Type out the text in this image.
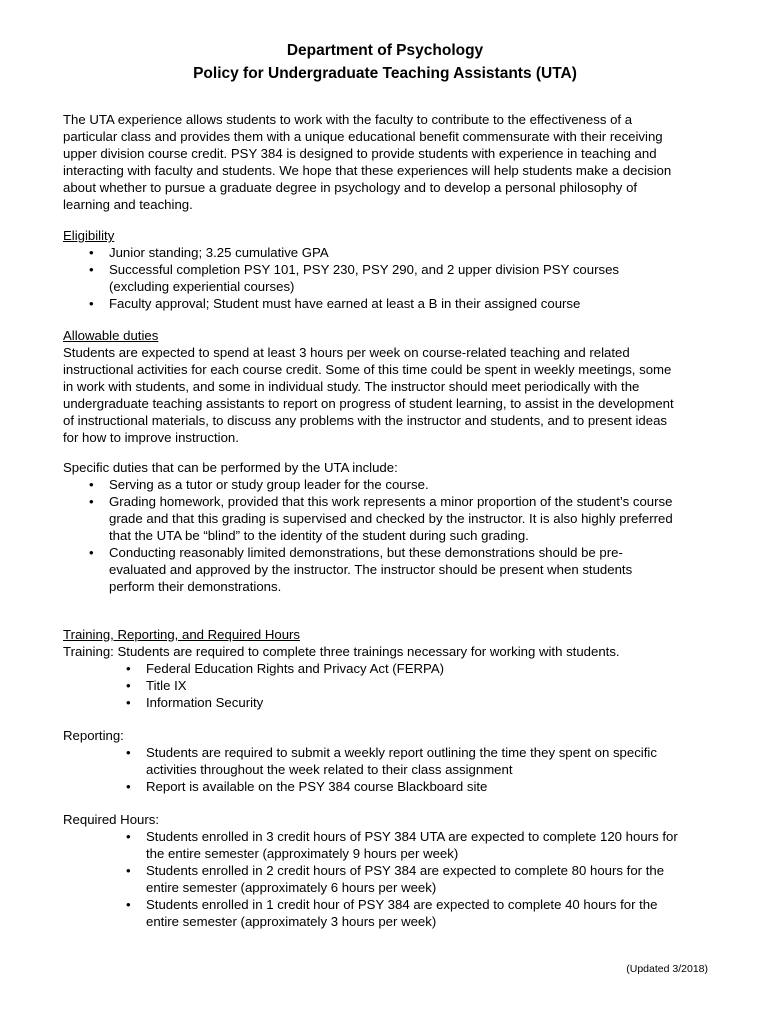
Department of Psychology
Policy for Undergraduate Teaching Assistants (UTA)
The UTA experience allows students to work with the faculty to contribute to the effectiveness of a
particular class and provides them with a unique educational benefit commensurate with their receiving
upper division course credit. PSY 384 is designed to provide students with experience in teaching and
interacting with faculty and students. We hope that these experiences will help students make a decision
about whether to pursue a graduate degree in psychology and to develop a personal philosophy of
learning and teaching.
Eligibility
• Junior standing; 3.25 cumulative GPA
• Successful completion PSY 101, PSY 230, PSY 290, and 2 upper division PSY courses
(excluding experiential courses)
• Faculty approval; Student must have earned at least a B in their assigned course
Allowable duties
Students are expected to spend at least 3 hours per week on course-related teaching and related
instructional activities for each course credit. Some of this time could be spent in weekly meetings, some
in work with students, and some in individual study. The instructor should meet periodically with the
undergraduate teaching assistants to report on progress of student learning, to assist in the development
of instructional materials, to discuss any problems with the instructor and students, and to present ideas
for how to improve instruction.
Specific duties that can be performed by the UTA include:
• Serving as a tutor or study group leader for the course.
• Grading homework, provided that this work represents a minor proportion of the student’s course
grade and that this grading is supervised and checked by the instructor. It is also highly preferred
that the UTA be “blind” to the identity of the student during such grading.
• Conducting reasonably limited demonstrations, but these demonstrations should be pre-
evaluated and approved by the instructor. The instructor should be present when students
perform their demonstrations.
Training, Reporting, and Required Hours
Training: Students are required to complete three trainings necessary for working with students.
• Federal Education Rights and Privacy Act (FERPA)
• Title IX
• Information Security
Reporting:
• Students are required to submit a weekly report outlining the time they spent on specific
activities throughout the week related to their class assignment
• Report is available on the PSY 384 course Blackboard site
Required Hours:
• Students enrolled in 3 credit hours of PSY 384 UTA are expected to complete 120 hours for
the entire semester (approximately 9 hours per week)
• Students enrolled in 2 credit hours of PSY 384 are expected to complete 80 hours for the
entire semester (approximately 6 hours per week)
• Students enrolled in 1 credit hour of PSY 384 are expected to complete 40 hours for the
entire semester (approximately 3 hours per week)
(Updated 3/2018)
